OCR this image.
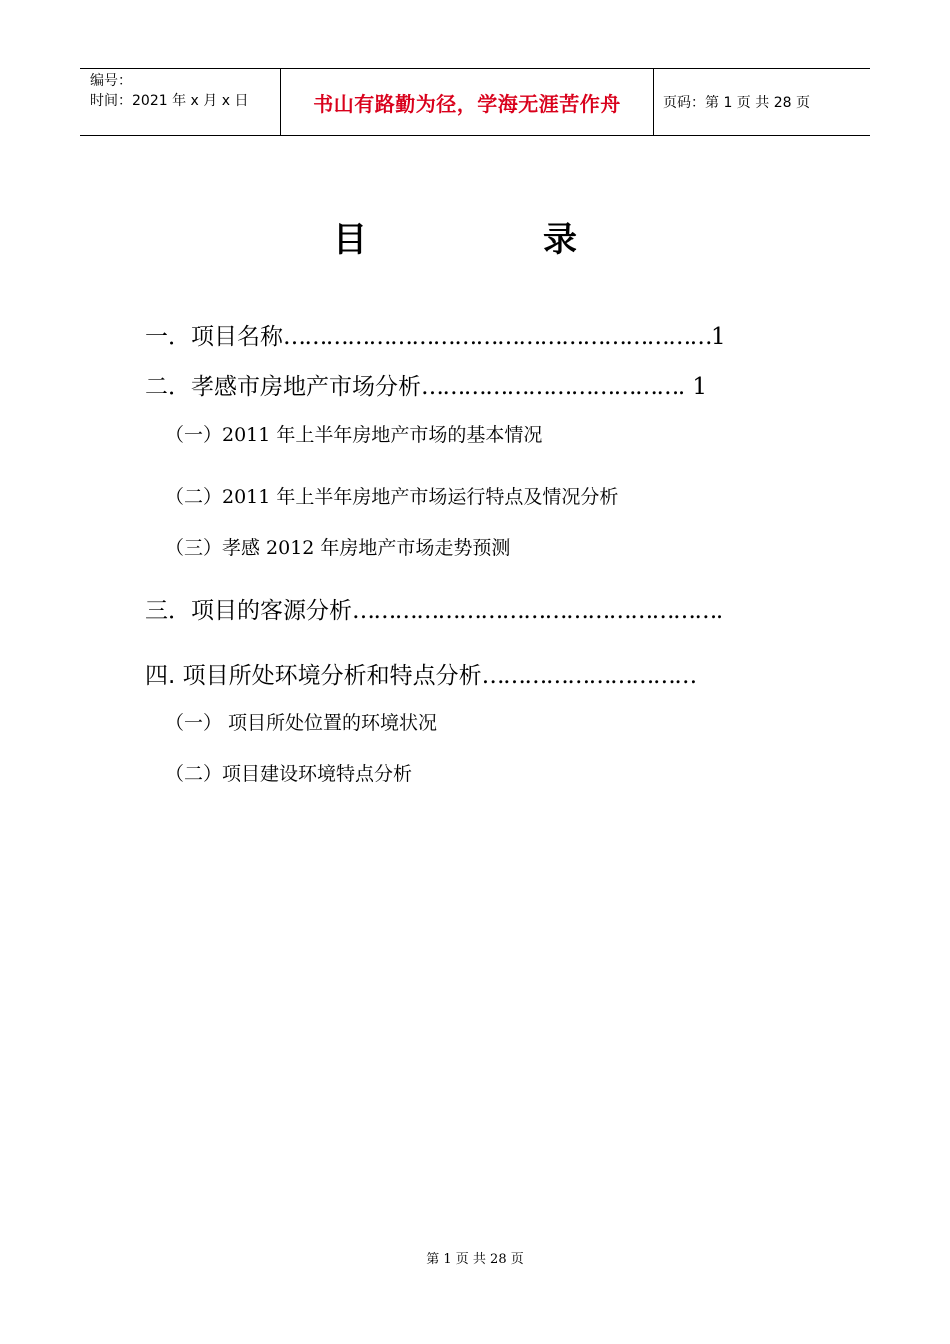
编号：
时间：2021 年 x 月 x 日	书山有路勤为径，学海无涯苦作舟	页码：第 1 页 共 28 页
目	录
一．项目名称……………………………………………………1
二．孝感市房地产市场分析………………………………. 1
（一）2011 年上半年房地产市场的基本情况
（二）2011 年上半年房地产市场运行特点及情况分析
（三）孝感 2012 年房地产市场走势预测
三．项目的客源分析…………………………………………….
四. 项目所处环境分析和特点分析…………………………
（一） 项目所处位置的环境状况
（二）项目建设环境特点分析
第 1 页 共 28 页
